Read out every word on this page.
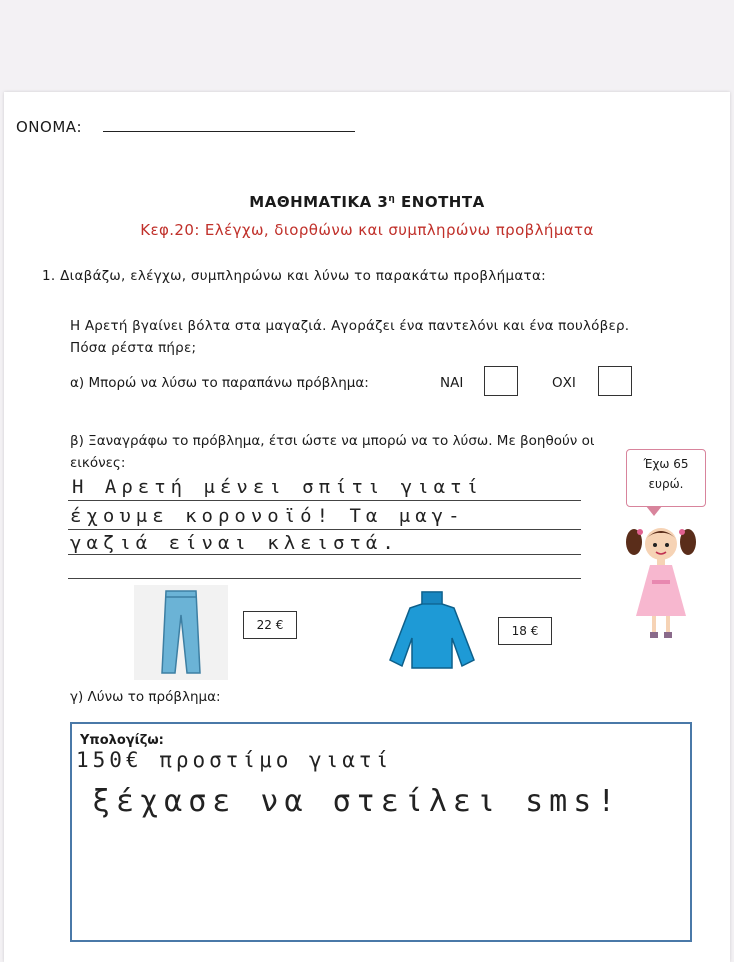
ΟΝΟΜΑ:
ΜΑΘΗΜΑΤΙΚΑ $3^\eta$ ΕΝΟΤΗΤΑ
Κεφ.20: Ελέγχω, διορθώνω και συμπληρώνω προβλήματα
1. Διαβάζω, ελέγχω, συμπληρώνω και λύνω το παρακάτω προβλήματα:
Η Αρετή βγαίνει βόλτα στα μαγαζιά. Αγοράζει ένα παντελόνι και ένα πουλόβερ. Πόσα ρέστα πήρε;
α) Μπορώ να λύσω το παραπάνω πρόβλημα:	ΝΑΙ	ΟΧΙ
β) Ξαναγράφω το πρόβλημα, έτσι ώστε να μπορώ να το λύσω. Με βοηθούν οι εικόνες:
Η Αρετή μένει σπίτι γιατί
έχουμε κορονοϊό! Τα μαγ-
γαζιά είναι κλειστά.
Έχω 65
ευρώ.
22 €	18 €
γ) Λύνω το πρόβλημα:
Υπολογίζω:
150€ προστίμο γιατί
ξέχασε να στείλει sms!
